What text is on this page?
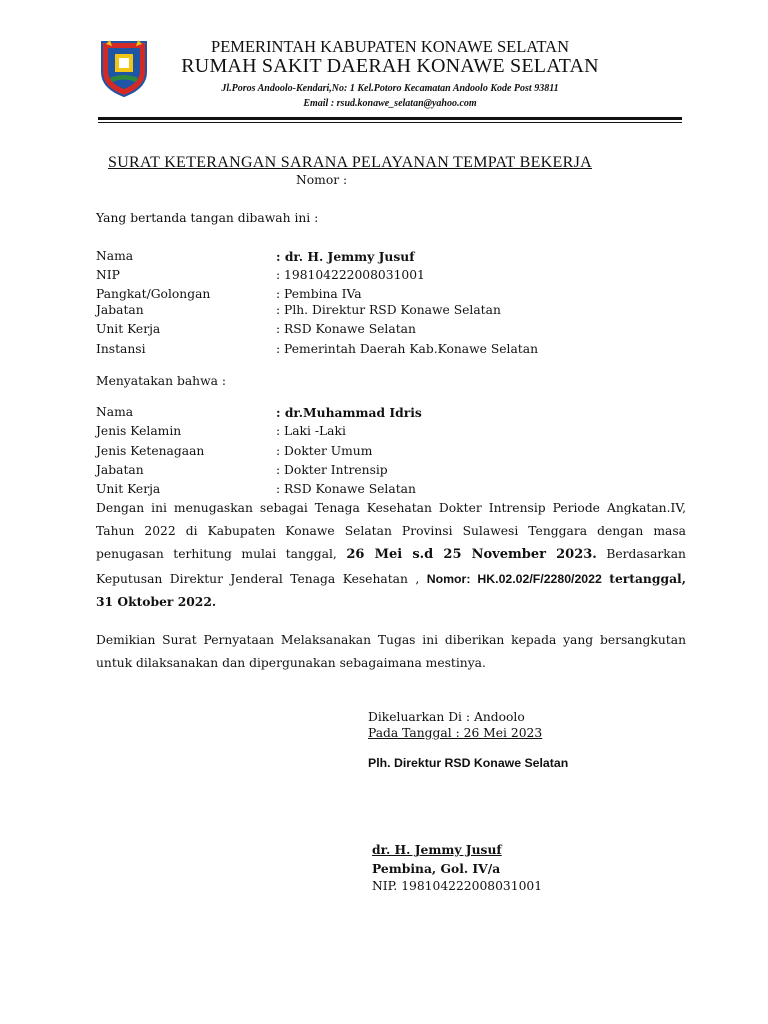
PEMERINTAH KABUPATEN KONAWE SELATAN
RUMAH SAKIT DAERAH KONAWE SELATAN
Jl.Poros Andoolo-Kendari,No: 1 Kel.Potoro Kecamatan Andoolo Kode Post 93811
Email : rsud.konawe_selatan@yahoo.com
SURAT KETERANGAN SARANA PELAYANAN TEMPAT BEKERJA
Nomor :
Yang bertanda tangan dibawah ini :
Nama	: dr. H. Jemmy Jusuf
NIP	: 198104222008031001
Pangkat/Golongan	: Pembina IVa
Jabatan	: Plh. Direktur RSD Konawe Selatan
Unit Kerja	: RSD Konawe Selatan
Instansi	: Pemerintah Daerah Kab.Konawe Selatan
Menyatakan bahwa :
Nama	: dr.Muhammad Idris
Jenis Kelamin	: Laki -Laki
Jenis Ketenagaan	: Dokter Umum
Jabatan	: Dokter Intrensip
Unit Kerja	: RSD Konawe Selatan
Dengan ini menugaskan sebagai Tenaga Kesehatan Dokter Intrensip Periode Angkatan.IV,
Tahun 2022 di Kabupaten Konawe Selatan Provinsi Sulawesi Tenggara dengan masa
penugasan terhitung mulai tanggal, 26 Mei s.d 25 November 2023. Berdasarkan
Keputusan Direktur Jenderal Tenaga Kesehatan , Nomor: HK.02.02/F/2280/2022 tertanggal,
31 Oktober 2022.
Demikian Surat Pernyataan Melaksanakan Tugas ini diberikan kepada yang bersangkutan
untuk dilaksanakan dan dipergunakan sebagaimana mestinya.
Dikeluarkan Di : Andoolo
Pada Tanggal : 26 Mei 2023
Plh. Direktur RSD Konawe Selatan
dr. H. Jemmy Jusuf
Pembina, Gol. IV/a
NIP. 198104222008031001
